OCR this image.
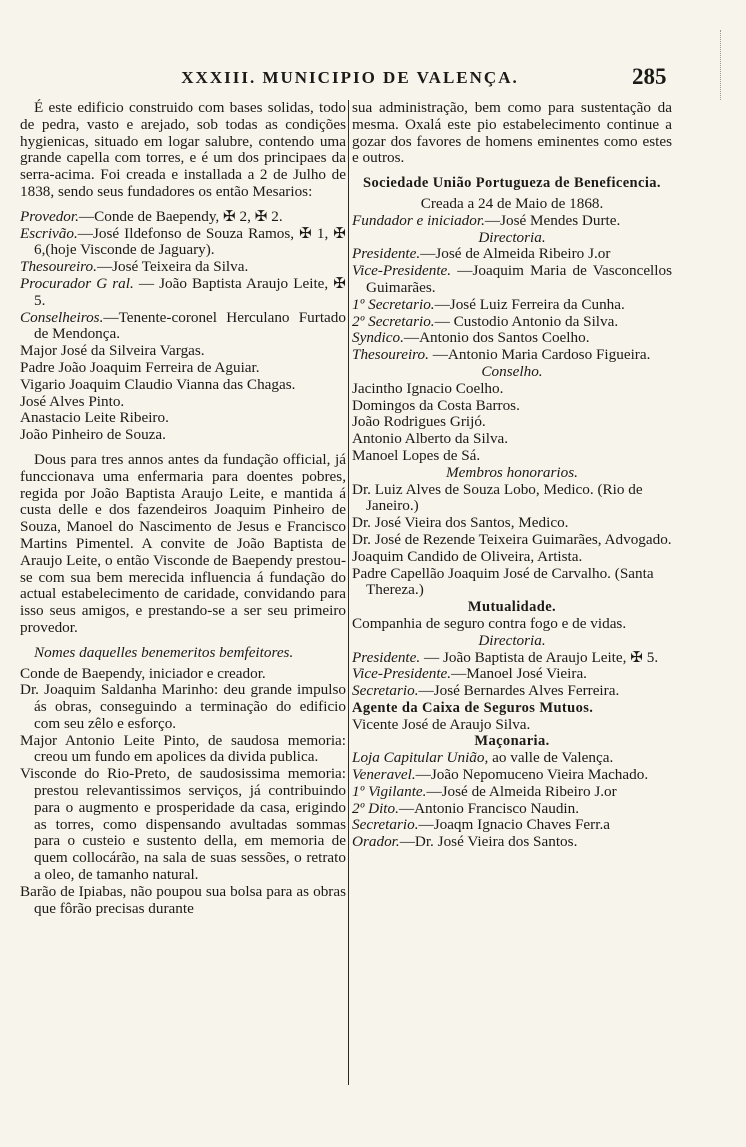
XXXIII. MUNICIPIO DE VALENÇA.	285

É este edificio construido com bases solidas, todo de pedra, vasto e arejado, sob todas as condições hygienicas, situado em logar salubre, contendo uma grande capella com torres, e é um dos principaes da serra-acima. Foi creada e installada a 2 de Julho de 1838, sendo seus fundadores os então Mesarios:

Provedor.—Conde de Baependy, ✠ 2, ✠ 2.

Escrivão.—José Ildefonso de Souza Ramos, ✠ 1, ✠ 6,(hoje Visconde de Jaguary).

Thesoureiro.—José Teixeira da Silva.

Procurador G ral. — João Baptista Araujo Leite, ✠ 5.

Conselheiros.—Tenente-coronel Herculano Furtado de Mendonça.

Major José da Silveira Vargas.

Padre João Joaquim Ferreira de Aguiar.

Vigario Joaquim Claudio Vianna das Chagas.

José Alves Pinto.

Anastacio Leite Ribeiro.

João Pinheiro de Souza.

Dous para tres annos antes da fundação official, já funccionava uma enfermaria para doentes pobres, regida por João Baptista Araujo Leite, e mantida á custa delle e dos fazendeiros Joaquim Pinheiro de Souza, Manoel do Nascimento de Jesus e Francisco Martins Pimentel. A convite de João Baptista de Araujo Leite, o então Visconde de Baependy prestou-se com sua bem merecida influencia á fundação do actual estabelecimento de caridade, convidando para isso seus amigos, e prestando-se a ser seu primeiro provedor.

Nomes daquelles benemeritos bemfeitores.

Conde de Baependy, iniciador e creador.

Dr. Joaquim Saldanha Marinho: deu grande impulso ás obras, conseguindo a terminação do edificio com seu zêlo e esforço.

Major Antonio Leite Pinto, de saudosa memoria: creou um fundo em apolices da divida publica.

Visconde do Rio-Preto, de saudosissima memoria: prestou relevantissimos serviços, já contribuindo para o augmento e prosperidade da casa, erigindo as torres, como dispensando avultadas sommas para o custeio e sustento della, em memoria de quem collocárão, na sala de suas sessões, o retrato a oleo, de tamanho natural.

Barão de Ipiabas, não poupou sua bolsa para as obras que fôrão precisas durante

sua administração, bem como para sustentação da mesma. Oxalá este pio estabelecimento continue a gozar dos favores de homens eminentes como estes e outros.

Sociedade União Portugueza de Beneficencia.

Creada a 24 de Maio de 1868.

Fundador e iniciador.—José Mendes Durte.

Directoria.

Presidente.—José de Almeida Ribeiro J.or

Vice-Presidente. —Joaquim Maria de Vasconcellos Guimarães.

1º Secretario.—José Luiz Ferreira da Cunha.

2º Secretario.— Custodio Antonio da Silva.

Syndico.—Antonio dos Santos Coelho.

Thesoureiro. —Antonio Maria Cardoso Figueira.

Conselho.

Jacintho Ignacio Coelho.

Domingos da Costa Barros.

João Rodrigues Grijó.

Antonio Alberto da Silva.

Manoel Lopes de Sá.

Membros honorarios.

Dr. Luiz Alves de Souza Lobo, Medico. (Rio de Janeiro.)

Dr. José Vieira dos Santos, Medico.

Dr. José de Rezende Teixeira Guimarães, Advogado.

Joaquim Candido de Oliveira, Artista.

Padre Capellão Joaquim José de Carvalho. (Santa Thereza.)

Mutualidade.

Companhia de seguro contra fogo e de vidas.

Directoria.

Presidente. — João Baptista de Araujo Leite, ✠ 5.

Vice-Presidente.—Manoel José Vieira.

Secretario.—José Bernardes Alves Ferreira.

Agente da Caixa de Seguros Mutuos.

Vicente José de Araujo Silva.

Maçonaria.

Loja Capitular União, ao valle de Valença.

Veneravel.—João Nepomuceno Vieira Machado.

1º Vigilante.—José de Almeida Ribeiro J.or

2º Dito.—Antonio Francisco Naudin.

Secretario.—Joaqm Ignacio Chaves Ferr.a

Orador.—Dr. José Vieira dos Santos.
